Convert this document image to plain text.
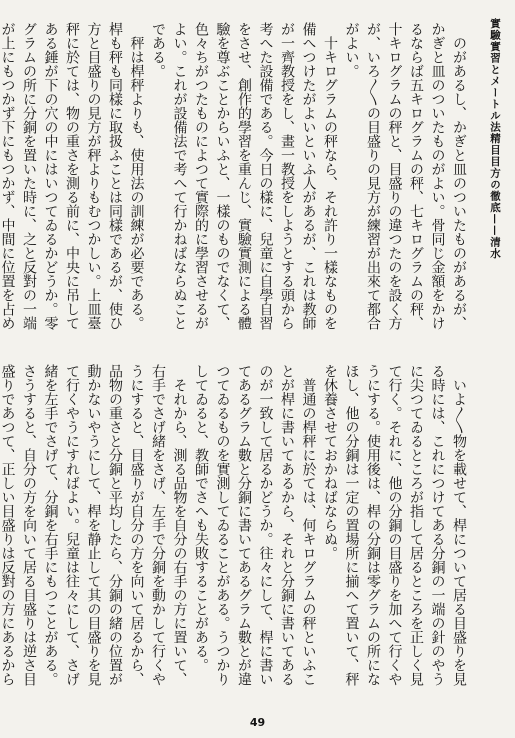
實驗實習とメートル法精目目方の徹底——清水

のがあるし、かぎと皿のついたものがあるが、かぎと皿のついたものがよい。骨同じ金額をかけるならば五キログラムの秤、七キログラムの秤、十キログラムの秤と、目盛りの違つたのを設く方が、いろ〳〵の目盛りの見方が練習が出來て都合がよい。

十キログラムの秤なら、それ許り一樣なものを備へつけたがよいといふ人があるが、これは教師が一齊教授をし、畫一教授をしようとする頭から考へた設備である。今日の樣に、兒童に自學自習をさせ、創作的學習を重んじ、實驗實測による體驗を尊ぶことからいふと、一樣のものでなくて、色々ちがつたものによつて實際的に學習させるがよい。これが設備法で考へて行かねばならぬことである。

秤は桿秤よりも、使用法の訓練が必要である。桿も秤も同樣に取扱ふことは同樣であるが、使ひ方と目盛りの見方が秤よりもむつかしい。上皿臺秤に於ては、物の重さを測る前に、中央に吊してある錘が下の穴の中にはいつてゐるかどうか。零グラムの所に分銅を置いた時に、之と反對の一端が上にもつかず下にもつかず、中間に位置を占め

いよ〳〵物を載せて、桿について居る目盛りを見る時には、これにつけてある分銅の一端の針のやうに尖つてゐるところが指して居るところを正しく見て行く。それに、他の分銅の目盛りを加へて行くやうにする。使用後は、桿の分銅は零グラムの所になほし、他の分銅は一定の置場所に揃へて置いて、秤を休養させておかねばならぬ。

普通の桿秤に於ては、何キログラムの秤といふことが桿に書いてあるから、それと分銅に書いてあるのが一致して居るかどうか。往々にして、桿に書いてあるグラム數と分銅に書いてあるグラム數とが違つてゐるものを實測してゐることがある。うつかりしてゐると、教師でさへも失敗することがある。

それから、測る品物を自分の右手の方に置いて、右手でさげ緒をさげ、左手で分銅を動かして行くやうにすると、目盛りが自分の方を向いて居るから、品物の重さと分銅と平均したら、分銅の緒の位置が動かないやうにして、桿を静止して其の目盛りを見て行くやうにすればよい。兒童は往々にして、さげ緒を左手でさげて、分銅を右手にもつことがある。さうすると、自分の方を向いて居る目盛りは逆さ目盛りであつて、正しい目盛りは反對の方にあるから

49
